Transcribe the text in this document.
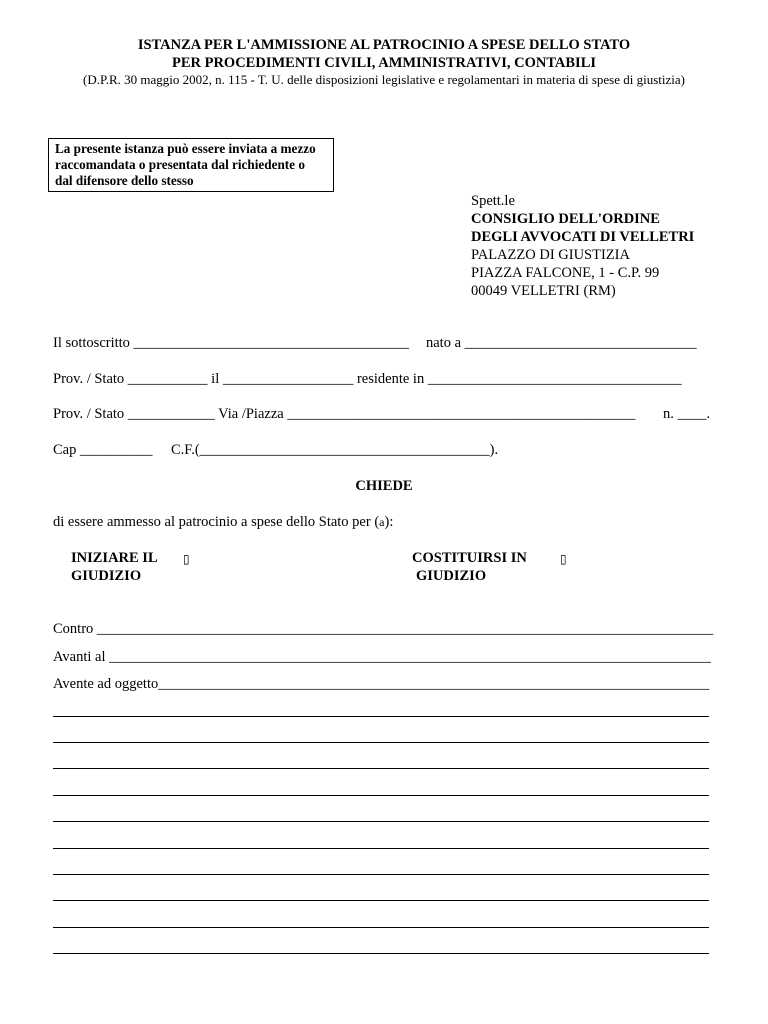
ISTANZA PER L'AMMISSIONE AL PATROCINIO A SPESE DELLO STATO
PER PROCEDIMENTI CIVILI, AMMINISTRATIVI, CONTABILI
(D.P.R. 30 maggio 2002, n. 115 - T. U. delle disposizioni legislative e regolamentari in materia di spese di giustizia)
La presente istanza può essere inviata a mezzo raccomandata o presentata dal richiedente o dal difensore dello stesso
Spett.le
CONSIGLIO DELL'ORDINE
DEGLI AVVOCATI DI VELLETRI
PALAZZO DI GIUSTIZIA
PIAZZA FALCONE, 1 - C.P. 99
00049 VELLETRI (RM)
Il sottoscritto ______________________________________ nato a ________________________________
Prov. / Stato ___________ il __________________ residente in ___________________________________
Prov. / Stato ____________ Via /Piazza ________________________________________________ n. ____.
Cap __________ C.F.(________________________________________).
CHIEDE
di essere ammesso al patrocinio a spese dello Stato per (a):
INIZIARE IL
GIUDIZIO
▯	COSTITUIRSI IN
GIUDIZIO
▯
Contro _____________________________________________________________________________________
Avanti al ___________________________________________________________________________________
Avente ad oggetto____________________________________________________________________________
